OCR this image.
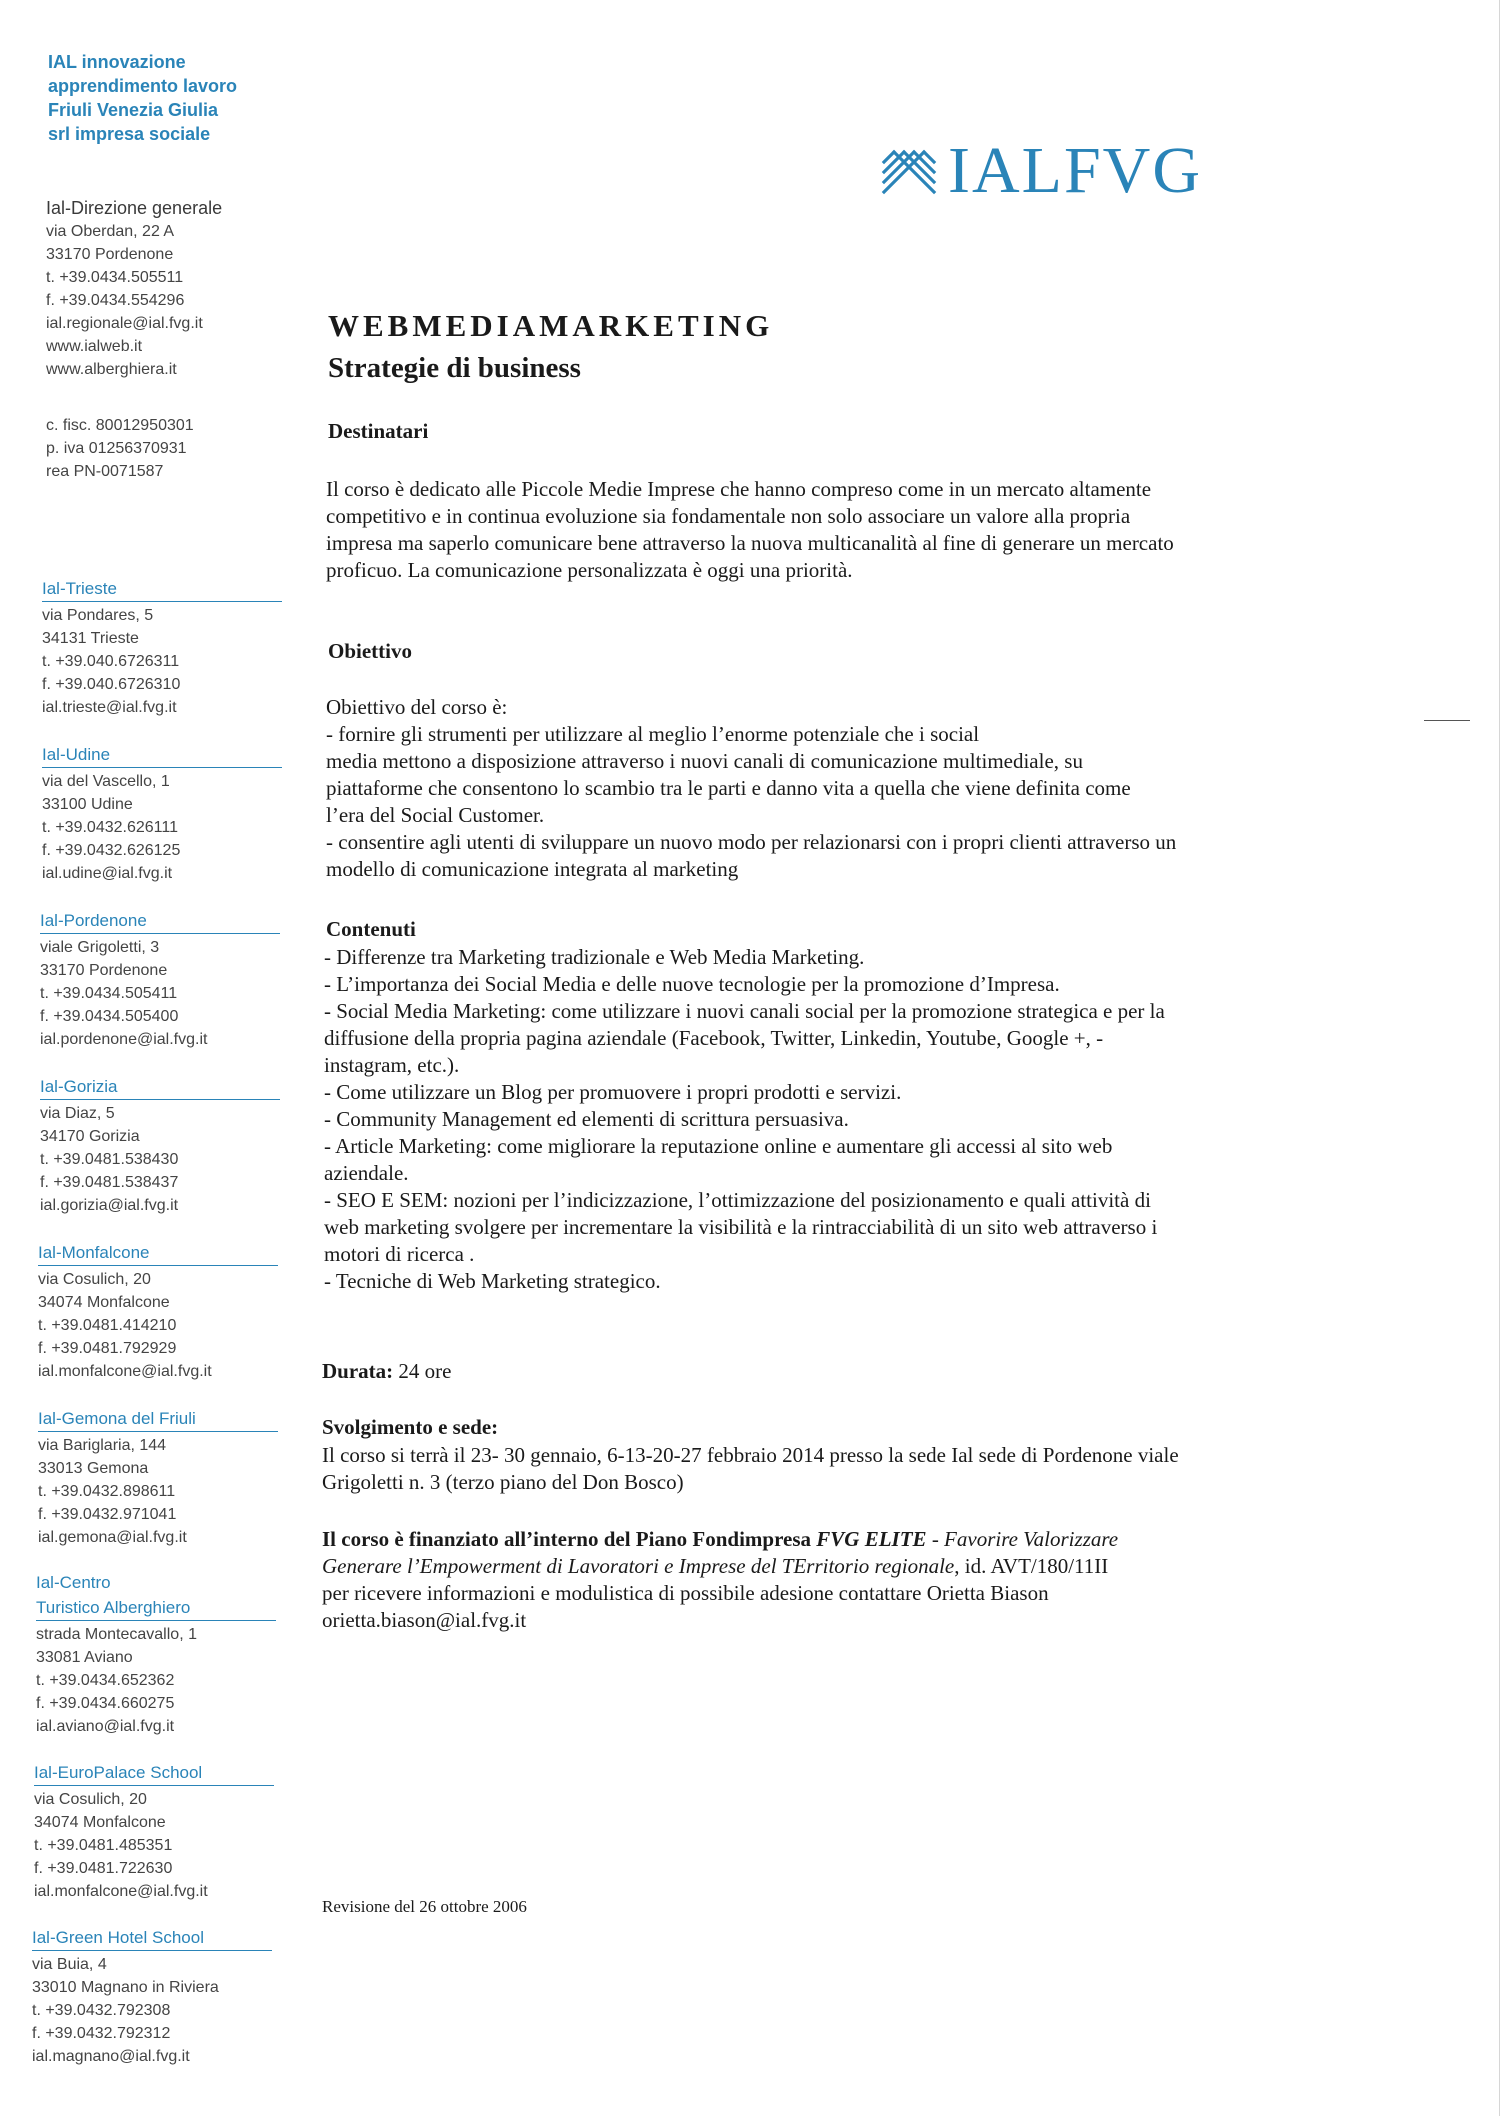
IAL innovazione
apprendimento lavoro
Friuli Venezia Giulia
srl impresa sociale
Ial-Direzione generale
via Oberdan, 22 A
33170 Pordenone
t. +39.0434.505511
f. +39.0434.554296
ial.regionale@ial.fvg.it
www.ialweb.it
www.alberghiera.it
c. fisc. 80012950301
p. iva 01256370931
rea PN-0071587
Ial-Trieste
via Pondares, 5
34131 Trieste
t. +39.040.6726311
f. +39.040.6726310
ial.trieste@ial.fvg.it
Ial-Udine
via del Vascello, 1
33100 Udine
t. +39.0432.626111
f. +39.0432.626125
ial.udine@ial.fvg.it
Ial-Pordenone
viale Grigoletti, 3
33170 Pordenone
t. +39.0434.505411
f. +39.0434.505400
ial.pordenone@ial.fvg.it
Ial-Gorizia
via Diaz, 5
34170 Gorizia
t. +39.0481.538430
f. +39.0481.538437
ial.gorizia@ial.fvg.it
Ial-Monfalcone
via Cosulich, 20
34074 Monfalcone
t. +39.0481.414210
f. +39.0481.792929
ial.monfalcone@ial.fvg.it
Ial-Gemona del Friuli
via Bariglaria, 144
33013 Gemona
t. +39.0432.898611
f. +39.0432.971041
ial.gemona@ial.fvg.it
Ial-Centro
Turistico Alberghiero
strada Montecavallo, 1
33081 Aviano
t. +39.0434.652362
f. +39.0434.660275
ial.aviano@ial.fvg.it
Ial-EuroPalace School
via Cosulich, 20
34074 Monfalcone
t. +39.0481.485351
f. +39.0481.722630
ial.monfalcone@ial.fvg.it
Ial-Green Hotel School
via Buia, 4
33010 Magnano in Riviera
t. +39.0432.792308
f. +39.0432.792312
ial.magnano@ial.fvg.it
IALFVG
WEBMEDIAMARKETING
Strategie di business
Destinatari
Il corso è dedicato alle Piccole Medie Imprese che hanno compreso come in un mercato altamente
competitivo e in continua evoluzione sia fondamentale non solo associare un valore alla propria
impresa ma saperlo comunicare bene attraverso la nuova multicanalità al fine di generare un mercato
proficuo. La comunicazione personalizzata è oggi una priorità.
Obiettivo
Obiettivo del corso è:
- fornire gli strumenti per utilizzare al meglio l’enorme potenziale che i social
media mettono a disposizione attraverso i nuovi canali di comunicazione multimediale, su
piattaforme che consentono lo scambio tra le parti e danno vita a quella che viene definita come
l’era del Social Customer.
- consentire agli utenti di sviluppare un nuovo modo per relazionarsi con i propri clienti attraverso un
modello di comunicazione integrata al marketing
Contenuti
- Differenze tra Marketing tradizionale e Web Media Marketing.
- L’importanza dei Social Media e delle nuove tecnologie per la promozione d’Impresa.
- Social Media Marketing: come utilizzare i nuovi canali social per la promozione strategica e per la
diffusione della propria pagina aziendale (Facebook, Twitter, Linkedin, Youtube, Google +, -
instagram, etc.).
- Come utilizzare un Blog per promuovere i propri prodotti e servizi.
- Community Management ed elementi di scrittura persuasiva.
- Article Marketing: come migliorare la reputazione online e aumentare gli accessi al sito web
aziendale.
- SEO E SEM: nozioni per l’indicizzazione, l’ottimizzazione del posizionamento e quali attività di
web marketing svolgere per incrementare la visibilità e la rintracciabilità di un sito web attraverso i
motori di ricerca .
- Tecniche di Web Marketing strategico.
Durata: 24 ore
Svolgimento e sede:
Il corso si terrà il 23- 30 gennaio, 6-13-20-27 febbraio 2014 presso la sede Ial sede di Pordenone viale
Grigoletti n. 3 (terzo piano del Don Bosco)
Il corso è finanziato all’interno del Piano Fondimpresa FVG ELITE - Favorire Valorizzare
Generare l’Empowerment di Lavoratori e Imprese del TErritorio regionale, id. AVT/180/11II
per ricevere informazioni e modulistica di possibile adesione contattare Orietta Biason
orietta.biason@ial.fvg.it
Revisione del 26 ottobre 2006
